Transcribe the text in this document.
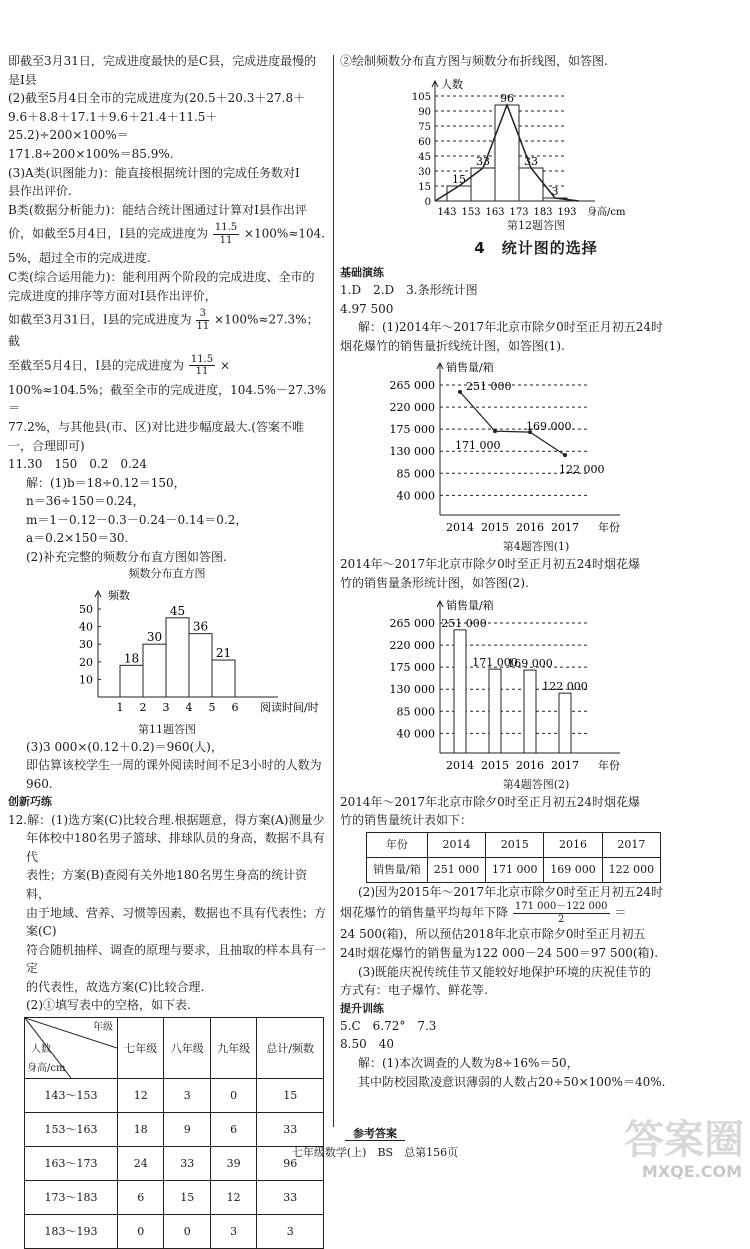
即截至3月31日，完成进度最快的是C县，完成进度最慢的
是I县
(2)截至5月4日全市的完成进度为(20.5＋20.3＋27.8＋
9.6＋8.8＋17.1＋9.6＋21.4＋11.5＋25.2)÷200×100%＝
171.8÷200×100%＝85.9%.
(3)A类(识图能力)：能直接根据统计图的完成任务数对I
县作出评价.
B类(数据分析能力)：能结合统计图通过计算对I县作出评
价，如截至5月4日，I县的完成进度为 $\frac{11.5}{11} \times 100\%\approx 104$.
5%，超过全市的完成进度.
C类(综合运用能力)：能利用两个阶段的完成进度、全市的
完成进度的排序等方面对I县作出评价，
如截至3月31日，I县的完成进度为 $\frac{3}{11} \times 100\%\approx 27.3\%$；截
至截至5月4日，I县的完成进度为 $\frac{11.5}{11}$ ×
100%≈104.5%；截至全市的完成进度，104.5%－27.3%＝
77.2%，与其他县(市、区)对比进步幅度最大.(答案不唯
一，合理即可)
11.30　150　0.2　0.24
解：(1)b＝18÷0.12＝150，
n＝36÷150＝0.24，
m＝1－0.12－0.3－0.24－0.14＝0.2，
a＝0.2×150＝30.
(2)补充完整的频数分布直方图如答图.
频数分布直方图
频数
10
20
30
40
50
1 2 3 4 5 6 阅读时间/时
18
30
45
36
21
第11题答图
(3)3 000×(0.12＋0.2)＝960(人)，
即估算该校学生一周的课外阅读时间不足3小时的人数为
960.
创新巧练
12.解：(1)选方案(C)比较合理.根据题意，得方案(A)测量少
年体校中180名男子篮球、排球队员的身高，数据不具有代
表性；方案(B)查阅有关外地180名男生身高的统计资料，
由于地域、营养、习惯等因素，数据也不具有代表性；方案(C)
符合随机抽样、调查的原理与要求，且抽取的样本具有一定
的代表性，故选方案(C)比较合理.
(2)①填写表中的空格，如下表.
年级
人数
身高/cm	七年级	八年级	九年级	总计/频数
143～153	12	3	0	15
153～163	18	9	6	33
163～173	24	33	39	96
173～183	6	15	12	33
183～193	0	0	3	3
②绘制频数分布直方图与频数分布折线图，如答图.
人数
0
15
30
45
60
75
90
105
143 153 163 173 183 193 身高/cm
15
33
96
33
3
第12题答图
4　统计图的选择
基础演练
1.D　2.D　3.条形统计图
4.97 500
解：(1)2014年～2017年北京市除夕0时至正月初五24时
烟花爆竹的销售量折线统计图，如答图(1).
销售量/箱
40 000
85 000
130 000
175 000
220 000
265 000
2014 2015 2016 2017 年份
251 000
171 000
169 000
122 000
第4题答图(1)
2014年～2017年北京市除夕0时至正月初五24时烟花爆
竹的销售量条形统计图，如答图(2).
销售量/箱
40 000
85 000
130 000
175 000
220 000
265 000 251 000
2014
171 000
2015
169 000
2016
122 000
2017 年份
第4题答图(2)
2014年～2017年北京市除夕0时至正月初五24时烟花爆
竹的销售量统计表如下：
年份	2014	2015	2016	2017
销售量/箱	251 000	171 000	169 000	122 000
(2)因为2015年～2017年北京市除夕0时至正月初五24时
烟花爆竹的销售量平均每年下降 $\frac{171 000-122 000}{2}$ ＝
24 500(箱)，所以预估2018年北京市除夕0时至正月初五
24时烟花爆竹的销售量为122 000－24 500＝97 500(箱).
(3)既能庆祝传统佳节又能较好地保护环境的庆祝佳节的
方式有：电子爆竹、鲜花等.
提升训练
5.C　6.72°　7.3
8.50　40
解：(1)本次调查的人数为8÷16%＝50，
其中防校园欺凌意识薄弱的人数占20÷50×100%＝40%.
参考答案
七年级数学(上)　BS　总第156页	答案圈
MXQE.COM
